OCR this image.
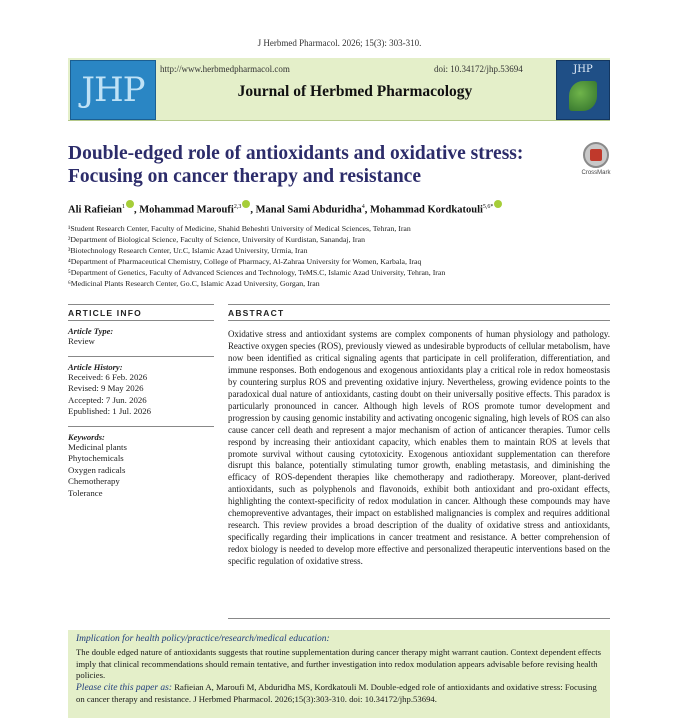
J Herbmed Pharmacol. 2026; 15(3): 303-310.
JHP
http://www.herbmedpharmacol.com	doi: 10.34172/jhp.53694
Journal of Herbmed Pharmacology
JHP
Double-edged role of antioxidants and oxidative stress:
Focusing on cancer therapy and resistance	CrossMark
Ali Rafieian$^1$ , Mohammad Maroufi$^{2,3}$ , Manal Sami Abduridha$^4$, Mohammad Kordkatouli$^{5,6*}$
¹Student Research Center, Faculty of Medicine, Shahid Beheshti University of Medical Sciences, Tehran, Iran
²Department of Biological Science, Faculty of Science, University of Kurdistan, Sanandaj, Iran
³Biotechnology Research Center, Ur.C, Islamic Azad University, Urmia, Iran
⁴Department of Pharmaceutical Chemistry, College of Pharmacy, Al-Zahraa University for Women, Karbala, Iraq
⁵Department of Genetics, Faculty of Advanced Sciences and Technology, TeMS.C, Islamic Azad University, Tehran, Iran
⁶Medicinal Plants Research Center, Go.C, Islamic Azad University, Gorgan, Iran
ARTICLE INFO	ABSTRACT
Article Type:
Review
Article History:
Received: 6 Feb. 2026
Revised: 9 May 2026
Accepted: 7 Jun. 2026
Epublished: 1 Jul. 2026
Keywords:
Medicinal plants
Phytochemicals
Oxygen radicals
Chemotherapy
Tolerance
Oxidative stress and antioxidant systems are complex components of human physiology and pathology. Reactive oxygen species (ROS), previously viewed as undesirable byproducts of cellular metabolism, have now been identified as critical signaling agents that participate in cell proliferation, differentiation, and immune responses. Both endogenous and exogenous antioxidants play a critical role in redox homeostasis by countering surplus ROS and preventing oxidative injury. Nevertheless, growing evidence points to the paradoxical dual nature of antioxidants, casting doubt on their universally positive effects. This paradox is particularly pronounced in cancer. Although high levels of ROS promote tumor development and progression by causing genomic instability and activating oncogenic signaling, high levels of ROS can also cause cancer cell death and represent a major mechanism of action of anticancer therapies. Tumor cells respond by increasing their antioxidant capacity, which enables them to maintain ROS at levels that promote survival without causing cytotoxicity. Exogenous antioxidant supplementation can therefore disrupt this balance, potentially stimulating tumor growth, enabling metastasis, and diminishing the efficacy of ROS-dependent therapies like chemotherapy and radiotherapy. Moreover, plant-derived antioxidants, such as polyphenols and flavonoids, exhibit both antioxidant and pro-oxidant effects, highlighting the context-specificity of redox modulation in cancer. Although these compounds may have chemopreventive advantages, their impact on established malignancies is complex and requires additional research. This review provides a broad description of the duality of oxidative stress and antioxidants, specifically regarding their implications in cancer treatment and resistance. A better comprehension of redox biology is needed to develop more effective and personalized therapeutic interventions based on the specific regulation of oxidative stress.
Implication for health policy/practice/research/medical education:
The double edged nature of antioxidants suggests that routine supplementation during cancer therapy might warrant caution. Context dependent effects imply that clinical recommendations should remain tentative, and further investigation into redox modulation appears advisable before revising health policies.
Please cite this paper as: Rafieian A, Maroufi M, Abduridha MS, Kordkatouli M. Double-edged role of antioxidants and oxidative stress: Focusing on cancer therapy and resistance. J Herbmed Pharmacol. 2026;15(3):303-310. doi: 10.34172/jhp.53694.
